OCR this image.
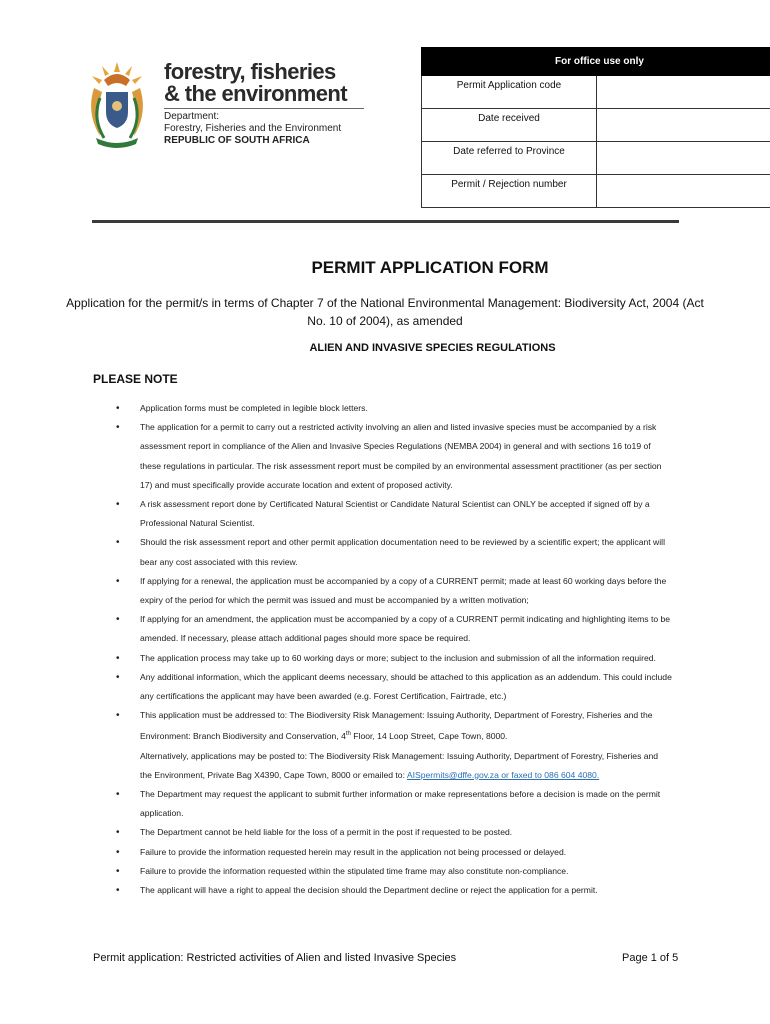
forestry, fisheries
& the environment
Department:
Forestry, Fisheries and the Environment
REPUBLIC OF SOUTH AFRICA
For office use only	
Permit Application code	
Date received	
Date referred to Province	
Permit / Rejection number	
PERMIT APPLICATION FORM
Application for the permit/s in terms of Chapter 7 of the National Environmental Management: Biodiversity Act, 2004 (Act No. 10 of 2004), as amended
ALIEN AND INVASIVE SPECIES REGULATIONS
PLEASE NOTE
• Application forms must be completed in legible block letters.
• The application for a permit to carry out a restricted activity involving an alien and listed invasive species must be accompanied by a risk assessment report in compliance of the Alien and Invasive Species Regulations (NEMBA 2004) in general and with sections 16 to19 of these regulations in particular. The risk assessment report must be compiled by an environmental assessment practitioner (as per section 17) and must specifically provide accurate location and extent of proposed activity.
• A risk assessment report done by Certificated Natural Scientist or Candidate Natural Scientist can ONLY be accepted if signed off by a Professional Natural Scientist.
• Should the risk assessment report and other permit application documentation need to be reviewed by a scientific expert; the applicant will bear any cost associated with this review.
• If applying for a renewal, the application must be accompanied by a copy of a CURRENT permit; made at least 60 working days before the expiry of the period for which the permit was issued and must be accompanied by a written motivation;
• If applying for an amendment, the application must be accompanied by a copy of a CURRENT permit indicating and highlighting items to be amended. If necessary, please attach additional pages should more space be required.
• The application process may take up to 60 working days or more; subject to the inclusion and submission of all the information required.
• Any additional information, which the applicant deems necessary, should be attached to this application as an addendum. This could include any certifications the applicant may have been awarded (e.g. Forest Certification, Fairtrade, etc.)
• This application must be addressed to: The Biodiversity Risk Management: Issuing Authority, Department of Forestry, Fisheries and the Environment: Branch Biodiversity and Conservation, 4th Floor, 14 Loop Street, Cape Town, 8000.
Alternatively, applications may be posted to: The Biodiversity Risk Management: Issuing Authority, Department of Forestry, Fisheries and the Environment, Private Bag X4390, Cape Town, 8000 or emailed to: AISpermits@dffe.gov.za or faxed to 086 604 4080.
• The Department may request the applicant to submit further information or make representations before a decision is made on the permit application.
• The Department cannot be held liable for the loss of a permit in the post if requested to be posted.
• Failure to provide the information requested herein may result in the application not being processed or delayed.
• Failure to provide the information requested within the stipulated time frame may also constitute non-compliance.
• The applicant will have a right to appeal the decision should the Department decline or reject the application for a permit.
Permit application: Restricted activities of Alien and listed Invasive Species	Page 1 of 5
